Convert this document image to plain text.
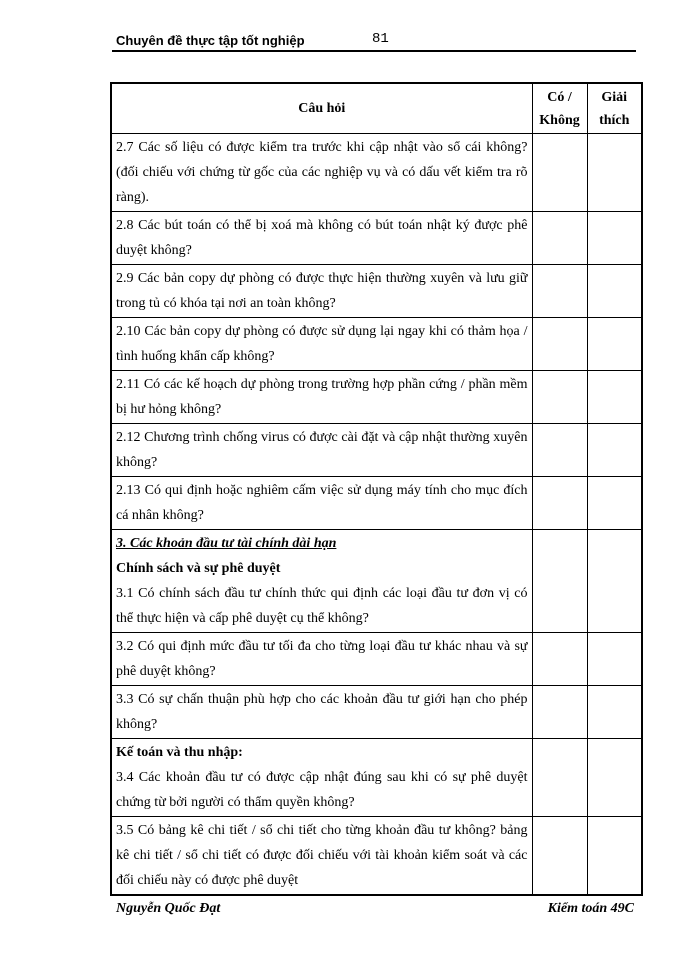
Chuyên đề thực tập tốt nghiệp	81
Câu hỏi	Có / Không	Giải thích

2.7 Các số liệu có được kiểm tra trước khi cập nhật vào sổ cái không? (đối chiếu với chứng từ gốc của các nghiệp vụ và có dấu vết kiểm tra rõ ràng).		

2.8 Các bút toán có thể bị xoá mà không có bút toán nhật ký được phê duyệt không?		

2.9 Các bản copy dự phòng có được thực hiện thường xuyên và lưu giữ trong tủ có khóa tại nơi an toàn không?		

2.10 Các bản copy dự phòng có được sử dụng lại ngay khi có thảm họa / tình huống khẩn cấp không?		

2.11 Có các kế hoạch dự phòng trong trường hợp phần cứng / phần mềm bị hư hỏng không?		

2.12 Chương trình chống virus có được cài đặt và cập nhật thường xuyên không?		

2.13 Có qui định hoặc nghiêm cấm việc sử dụng máy tính cho mục đích cá nhân không?		

3. Các khoản đầu tư tài chính dài hạn
Chính sách và sự phê duyệt
3.1 Có chính sách đầu tư chính thức qui định các loại đầu tư đơn vị có thể thực hiện và cấp phê duyệt cụ thể không?		

3.2 Có qui định mức đầu tư tối đa cho từng loại đầu tư khác nhau và sự phê duyệt không?		

3.3 Có sự chấn thuận phù hợp cho các khoản đầu tư giới hạn cho phép không?		

Kế toán và thu nhập:
3.4 Các khoản đầu tư có được cập nhật đúng sau khi có sự phê duyệt chứng từ bởi người có thẩm quyền không?		

3.5 Có bảng kê chi tiết / sổ chi tiết cho từng khoản đầu tư không? bảng kê chi tiết / sổ chi tiết có được đối chiếu với tài khoản kiểm soát và các đối chiếu này có được phê duyệt		

Nguyễn Quốc Đạt	Kiểm toán 49C
